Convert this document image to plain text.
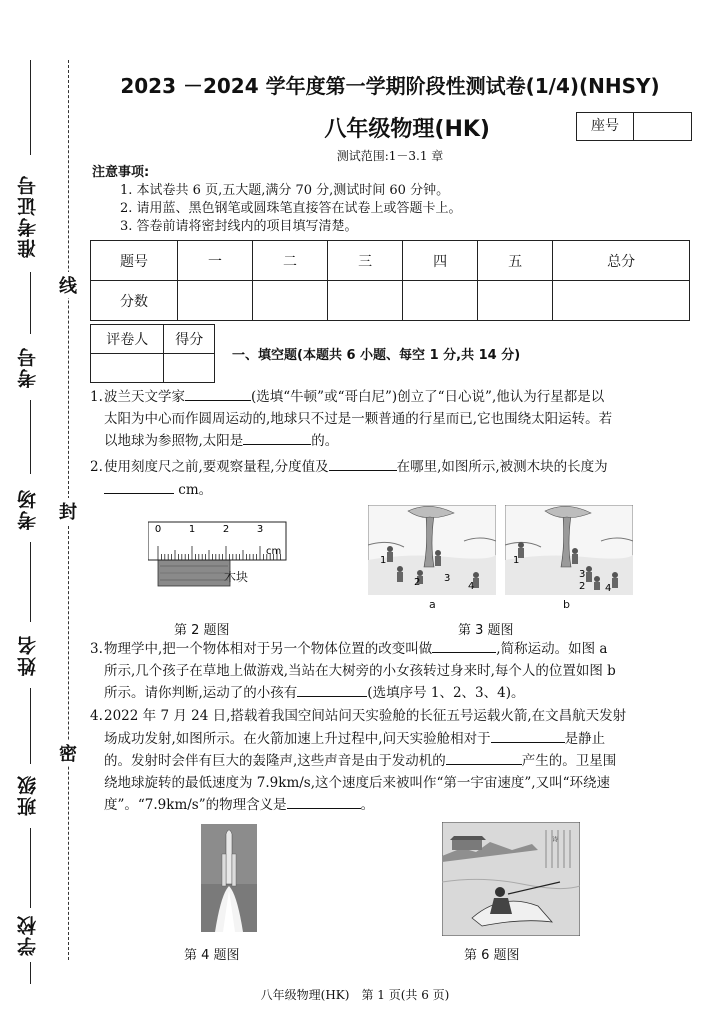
准考证号
考号
考场
姓名
班级
学校
线
封
密
2023 －2024 学年度第一学期阶段性测试卷(1/4)(NHSY)
八年级物理(HK)	座号
测试范围:1－3.1 章
注意事项:
1. 本试卷共 6 页,五大题,满分 70 分,测试时间 60 分钟。
2. 请用蓝、黑色钢笔或圆珠笔直接答在试卷上或答题卡上。
3. 答卷前请将密封线内的项目填写清楚。
题号	一	二	三	四	五	总分
分数						
评卷人	得分

一、填空题(本题共 6 小题、每空 1 分,共 14 分)
1.波兰天文学家	(选填“牛顿”或“哥白尼”)创立了“日心说”,他认为行星都是以
太阳为中心而作圆周运动的,地球只不过是一颗普通的行星而已,它也围绕太阳运转。若
以地球为参照物,太阳是	的。
2.使用刻度尺之前,要观察量程,分度值及	在哪里,如图所示,被测木块的长度为
cm。
0	1	2	3
cm
木块
第 2 题图
1
2 3
4
1
3
2 4
a	b
第 3 题图
3.物理学中,把一个物体相对于另一个物体位置的改变叫做	,简称运动。如图 a
所示,几个孩子在草地上做游戏,当站在大树旁的小女孩转过身来时,每个人的位置如图 b
所示。请你判断,运动了的小孩有	(选填序号 1、2、3、4)。
4.2022 年 7 月 24 日,搭载着我国空间站问天实验舱的长征五号运载火箭,在文昌航天发射
场成功发射,如图所示。在火箭加速上升过程中,问天实验舱相对于	是静止
的。发射时会伴有巨大的轰隆声,这些声音是由于发动机的	产生的。卫星围
绕地球旋转的最低速度为 7.9km/s,这个速度后来被叫作“第一宇宙速度”,又叫“环绕速
度”。“7.9km/s”的物理含义是	。
第 4 题图
诗
第 6 题图
八年级物理(HK)　第 1 页(共 6 页)
